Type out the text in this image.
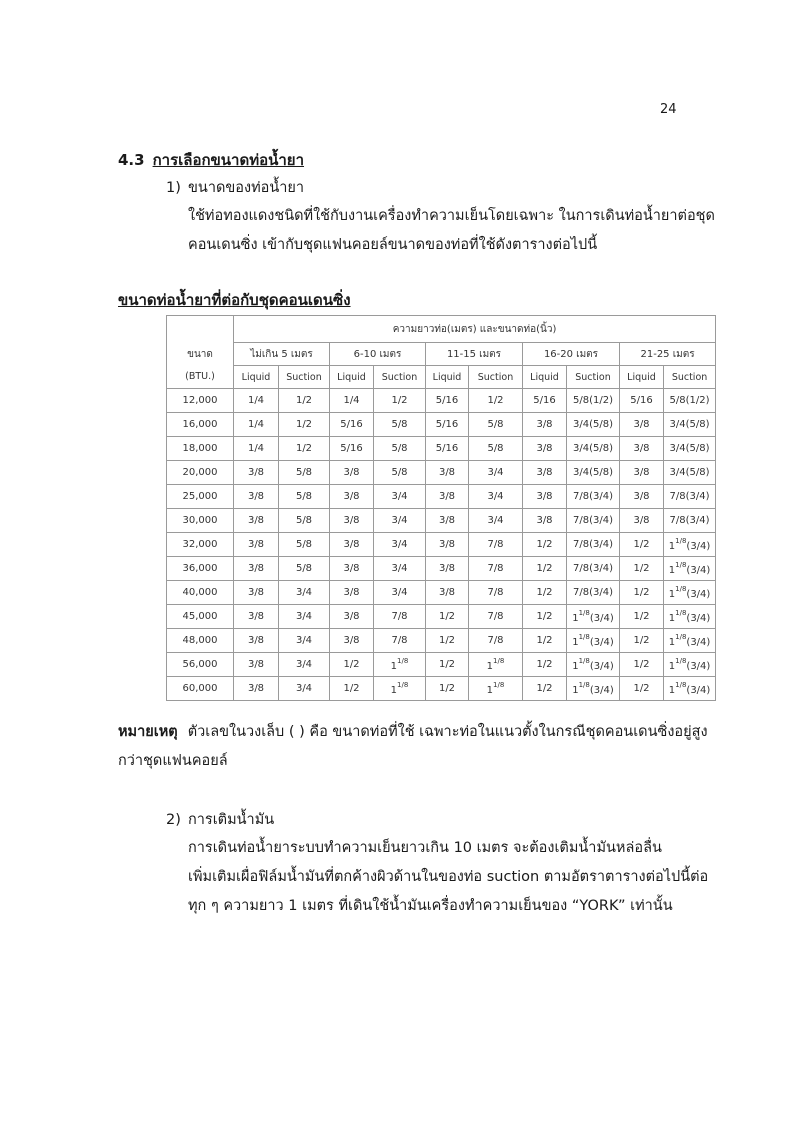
24
4.3 การเลือกขนาดท่อน้ำยา
1) ขนาดของท่อน้ำยา
ใช้ท่อทองแดงชนิดที่ใช้กับงานเครื่องทำความเย็นโดยเฉพาะ ในการเดินท่อน้ำยาต่อชุด
คอนเดนซิ่ง เข้ากับชุดแฟนคอยล์ขนาดของท่อที่ใช้ดังตารางต่อไปนี้
ขนาดท่อน้ำยาที่ต่อกับชุดคอนเดนซิ่ง
	ความยาวท่อ(เมตร) และขนาดท่อ(นิ้ว)									
ขนาด	ไม่เกิน 5 เมตร		6-10 เมตร		11-15 เมตร		16-20 เมตร		21-25 เมตร	
(BTU.)	Liquid	Suction	Liquid	Suction	Liquid	Suction	Liquid	Suction	Liquid	Suction
12,000	1/4	1/2	1/4	1/2	5/16	1/2	5/16	5/8(1/2)	5/16	5/8(1/2)
16,000	1/4	1/2	5/16	5/8	5/16	5/8	3/8	3/4(5/8)	3/8	3/4(5/8)
18,000	1/4	1/2	5/16	5/8	5/16	5/8	3/8	3/4(5/8)	3/8	3/4(5/8)
20,000	3/8	5/8	3/8	5/8	3/8	3/4	3/8	3/4(5/8)	3/8	3/4(5/8)
25,000	3/8	5/8	3/8	3/4	3/8	3/4	3/8	7/8(3/4)	3/8	7/8(3/4)
30,000	3/8	5/8	3/8	3/4	3/8	3/4	3/8	7/8(3/4)	3/8	7/8(3/4)
32,000	3/8	5/8	3/8	3/4	3/8	7/8	1/2	7/8(3/4)	1/2	$1^{1/8}(3/4)$
36,000	3/8	5/8	3/8	3/4	3/8	7/8	1/2	7/8(3/4)	1/2	$1^{1/8}(3/4)$
40,000	3/8	3/4	3/8	3/4	3/8	7/8	1/2	7/8(3/4)	1/2	$1^{1/8}(3/4)$
45,000	3/8	3/4	3/8	7/8	1/2	7/8	1/2	$1^{1/8}(3/4)$	1/2	$1^{1/8}(3/4)$
48,000	3/8	3/4	3/8	7/8	1/2	7/8	1/2	$1^{1/8}(3/4)$	1/2	$1^{1/8}(3/4)$
56,000	3/8	3/4	1/2	$1^{1/8}$	1/2	$1^{1/8}$	1/2	$1^{1/8}(3/4)$	1/2	$1^{1/8}(3/4)$
60,000	3/8	3/4	1/2	$1^{1/8}$	1/2	$1^{1/8}$	1/2	$1^{1/8}(3/4)$	1/2	$1^{1/8}(3/4)$
หมายเหตุ ตัวเลขในวงเล็บ ( ) คือ ขนาดท่อที่ใช้ เฉพาะท่อในแนวตั้งในกรณีชุดคอนเดนซิ่งอยู่สูง
กว่าชุดแฟนคอยล์
2) การเติมน้ำมัน
การเดินท่อน้ำยาระบบทำความเย็นยาวเกิน 10 เมตร จะต้องเติมน้ำมันหล่อลื่น
เพิ่มเติมเผื่อฟิล์มน้ำมันที่ตกค้างผิวด้านในของท่อ suction ตามอัตราตารางต่อไปนี้ต่อ
ทุก ๆ ความยาว 1 เมตร ที่เดินใช้น้ำมันเครื่องทำความเย็นของ “YORK” เท่านั้น
